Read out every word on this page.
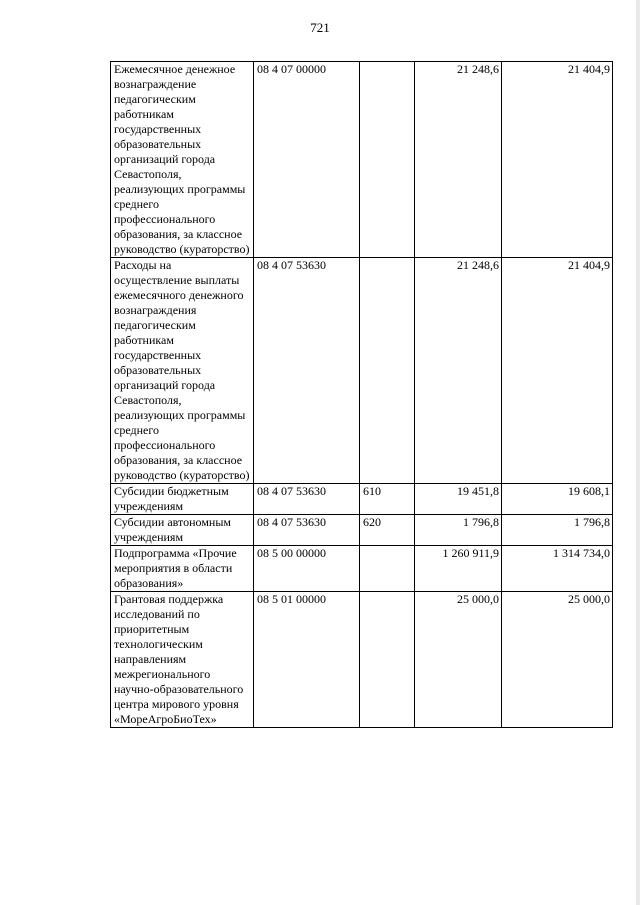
721
Ежемесячное денежное вознаграждение педагогическим работникам государственных образовательных организаций города Севастополя, реализующих программы среднего профессионального образования, за классное руководство (кураторство)	08 4 07 00000		21 248,6	21 404,9
Расходы на осуществление выплаты ежемесячного денежного вознаграждения педагогическим работникам государственных образовательных организаций города Севастополя, реализующих программы среднего профессионального образования, за классное руководство (кураторство)	08 4 07 53630		21 248,6	21 404,9
Субсидии бюджетным учреждениям	08 4 07 53630	610	19 451,8	19 608,1
Субсидии автономным учреждениям	08 4 07 53630	620	1 796,8	1 796,8
Подпрограмма «Прочие мероприятия в области образования»	08 5 00 00000		1 260 911,9	1 314 734,0
Грантовая поддержка исследований по приоритетным технологическим направлениям межрегионального научно-образовательного центра мирового уровня «МореАгроБиоТех»	08 5 01 00000		25 000,0	25 000,0
